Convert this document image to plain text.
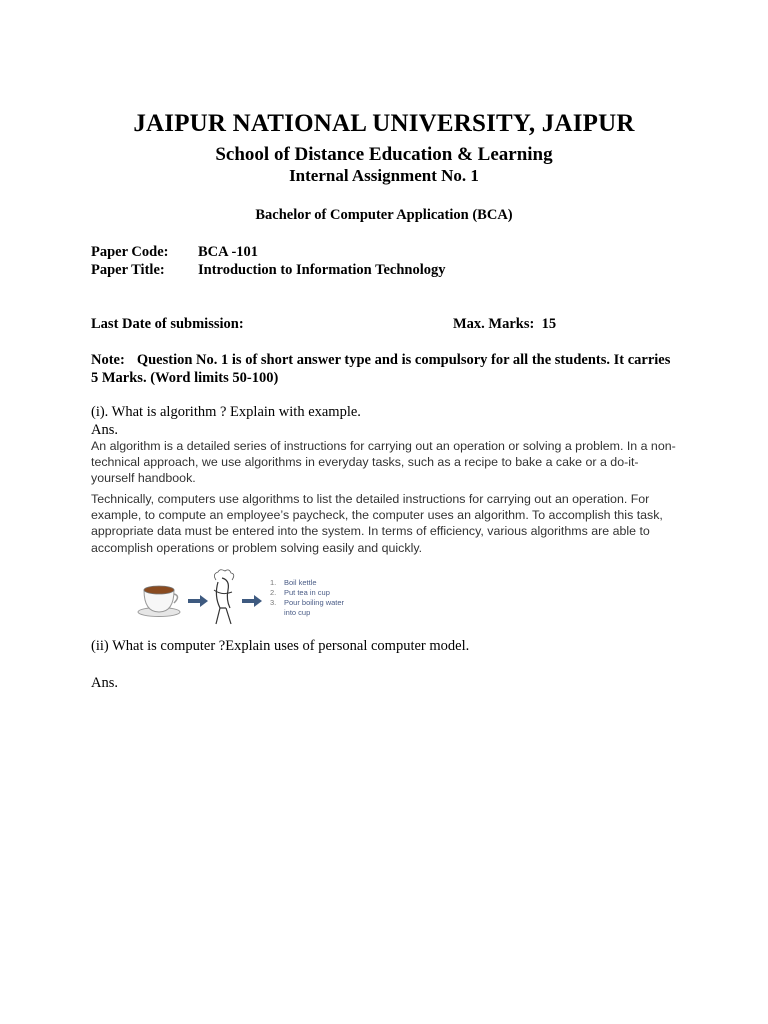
JAIPUR NATIONAL UNIVERSITY, JAIPUR
School of Distance Education & Learning
Internal Assignment No. 1
Bachelor of Computer Application (BCA)
Paper Code: BCA -101
Paper Title: Introduction to Information Technology
Last Date of submission:	Max. Marks: 15
Note: Question No. 1 is of short answer type and is compulsory for all the students. It carries 5 Marks. (Word limits 50-100)
(i). What is algorithm ? Explain with example.
Ans.
An algorithm is a detailed series of instructions for carrying out an operation or solving a problem. In a non-technical approach, we use algorithms in everyday tasks, such as a recipe to bake a cake or a do-it-yourself handbook.
Technically, computers use algorithms to list the detailed instructions for carrying out an operation. For example, to compute an employee’s paycheck, the computer uses an algorithm. To accomplish this task, appropriate data must be entered into the system. In terms of efficiency, various algorithms are able to accomplish operations or problem solving easily and quickly.
1. Boil kettle
2. Put tea in cup
3. Pour boiling water into cup
(ii) What is computer ?Explain uses of personal computer model.
Ans.
